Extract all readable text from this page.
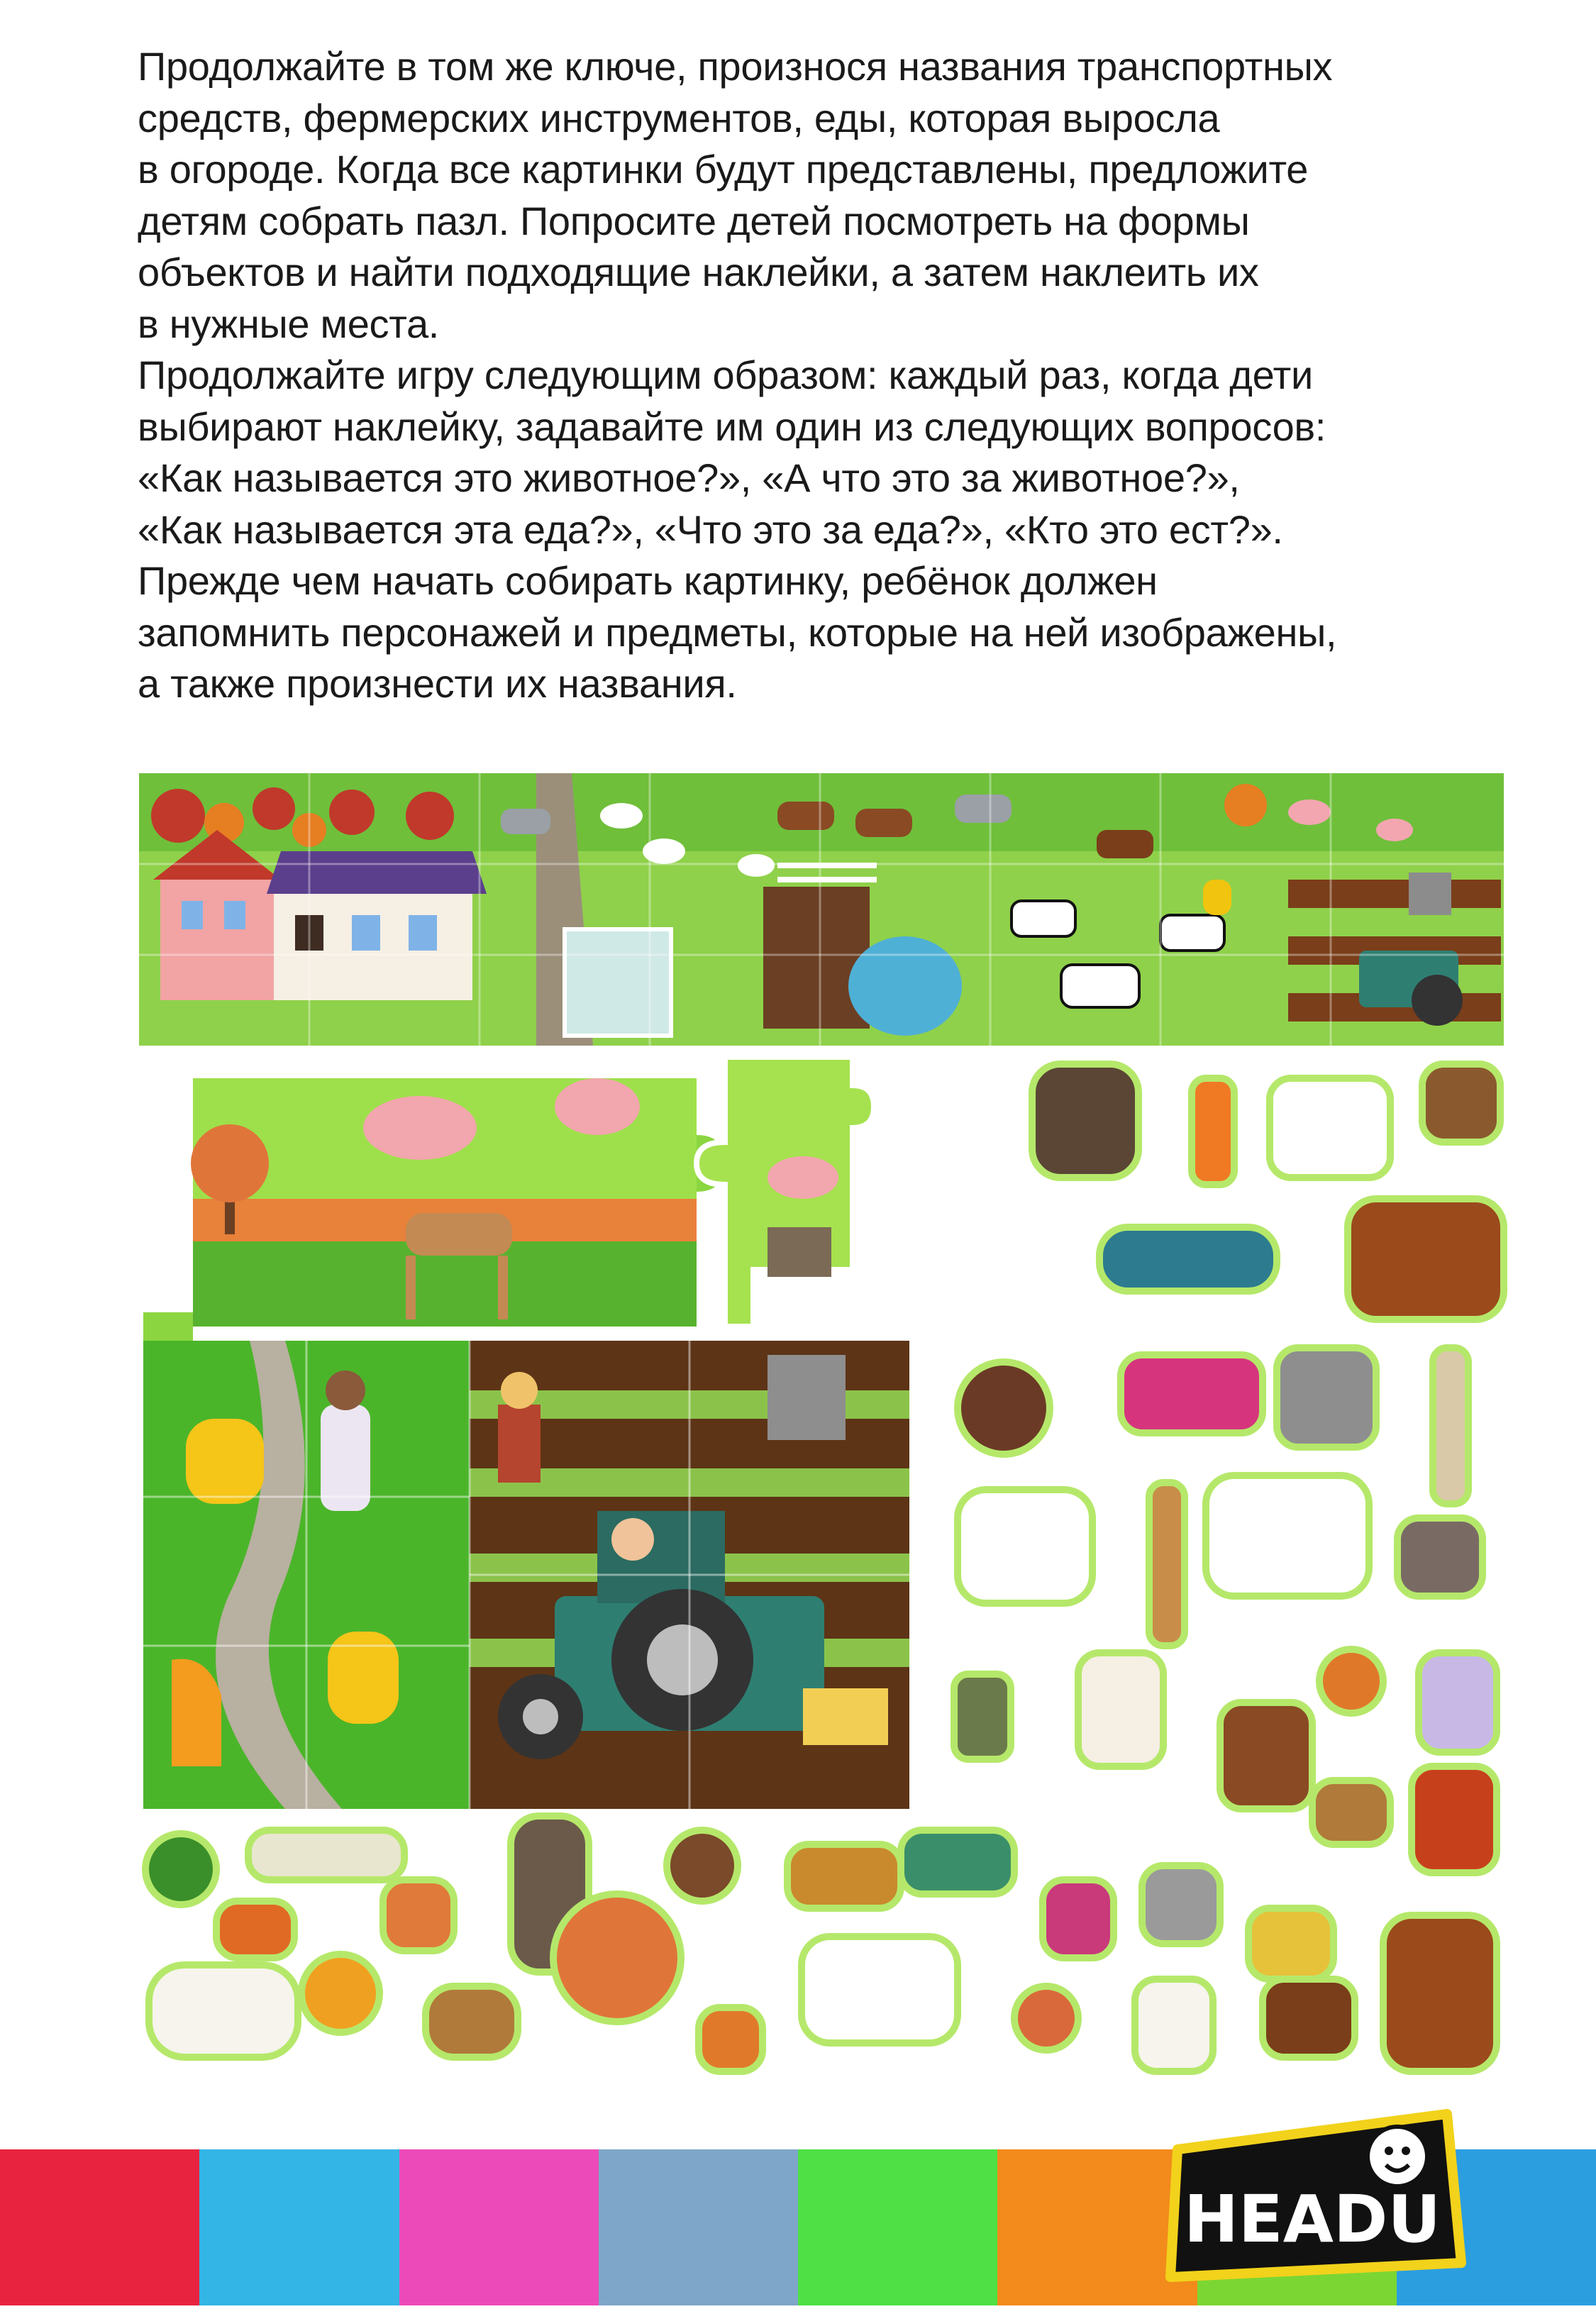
Продолжайте в том же ключе, произнося названия транспортных

средств, фермерских инструментов, еды, которая выросла

в огороде. Когда все картинки будут представлены, предложите

детям собрать пазл. Попросите детей посмотреть на формы

объектов и найти подходящие наклейки, а затем наклеить их

в нужные места.

Продолжайте игру следующим образом: каждый раз, когда дети

выбирают наклейку, задавайте им один из следующих вопросов:

«Как называется это животное?», «А что это за животное?»,

«Как называется эта еда?», «Что это за еда?», «Кто это ест?».

Прежде чем начать собирать картинку, ребёнок должен

запомнить персонажей и предметы, которые на ней изображены,

а также произнести их названия.

HEADU
